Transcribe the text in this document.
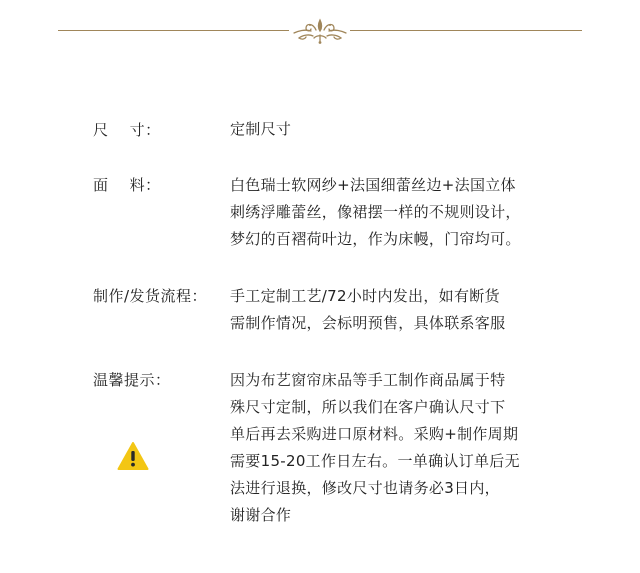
尺    寸：	定制尺寸
面    料：	白色瑞士软网纱+法国细蕾丝边+法国立体
刺绣浮雕蕾丝，像裙摆一样的不规则设计，
梦幻的百褶荷叶边，作为床幔，门帘均可。
制作/发货流程： 手工定制工艺/72小时内发出，如有断货
需制作情况，会标明预售，具体联系客服
温馨提示：	因为布艺窗帘床品等手工制作商品属于特
殊尺寸定制，所以我们在客户确认尺寸下
单后再去采购进口原材料。采购+制作周期
需要15-20工作日左右。一单确认订单后无
法进行退换，修改尺寸也请务必3日内，
谢谢合作
